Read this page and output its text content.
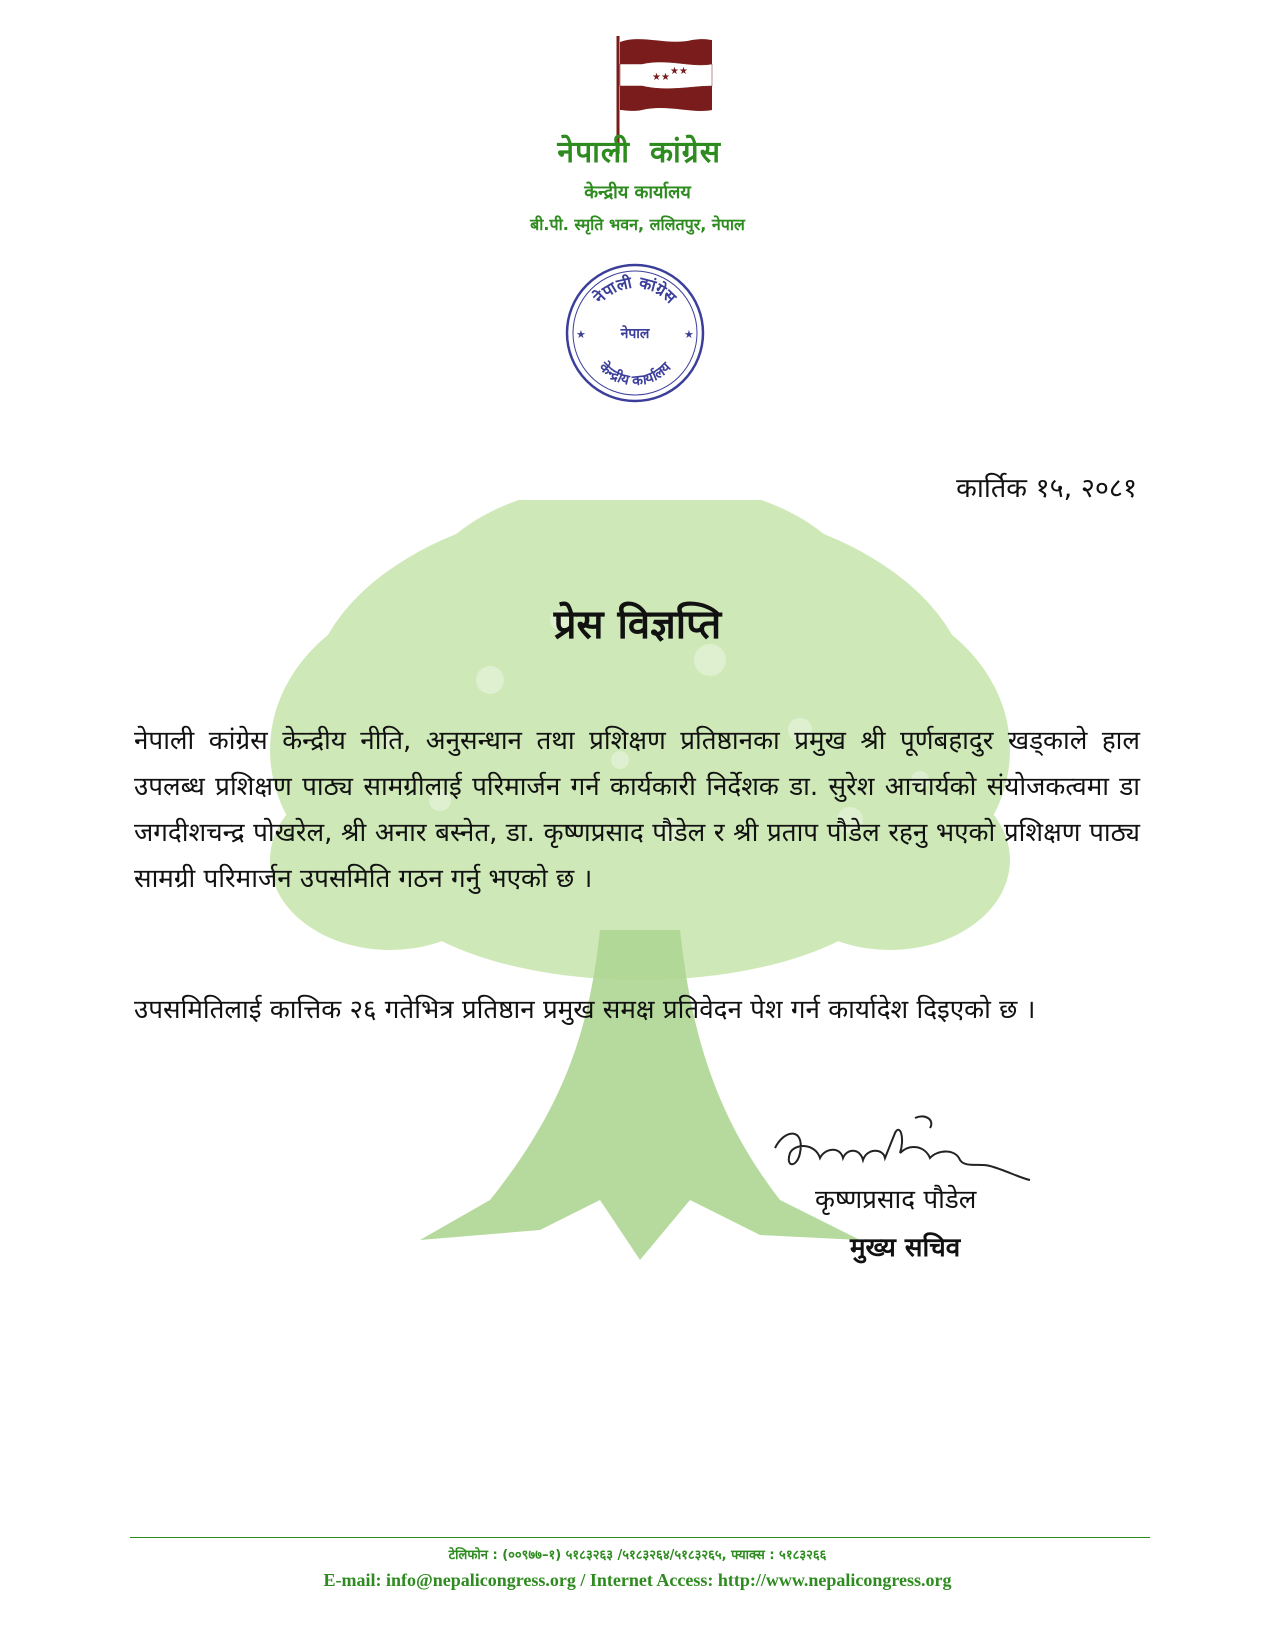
★★
★★
नेपाली कांग्रेस
केन्द्रीय कार्यालय
बी.पी. स्मृति भवन, ललितपुर, नेपाल
नेपाली कांग्रेस
नेपाल
केन्द्रीय कार्यालय
★	★
कार्तिक १५, २०८१
प्रेस विज्ञप्ति
नेपाली कांग्रेस केन्द्रीय नीति, अनुसन्धान तथा प्रशिक्षण प्रतिष्ठानका प्रमुख श्री पूर्णबहादुर खड्काले हाल उपलब्ध प्रशिक्षण पाठ्य सामग्रीलाई परिमार्जन गर्न कार्यकारी निर्देशक डा. सुरेश आचार्यको संयोजकत्वमा डा जगदीशचन्द्र पोखरेल, श्री अनार बस्नेत, डा. कृष्णप्रसाद पौडेल र श्री प्रताप पौडेल रहनु भएको प्रशिक्षण पाठ्य सामग्री परिमार्जन उपसमिति गठन गर्नु भएको छ ।
उपसमितिलाई कात्तिक २६ गतेभित्र प्रतिष्ठान प्रमुख समक्ष प्रतिवेदन पेश गर्न कार्यादेश दिइएको छ ।
कृष्णप्रसाद पौडेल
मुख्य सचिव
टेलिफोन : (००९७७–१) ५१८३२६३ /५१८३२६४/५१८३२६५, फ्याक्स : ५१८३२६६
E-mail: info@nepalicongress.org / Internet Access: http://www.nepalicongress.org
